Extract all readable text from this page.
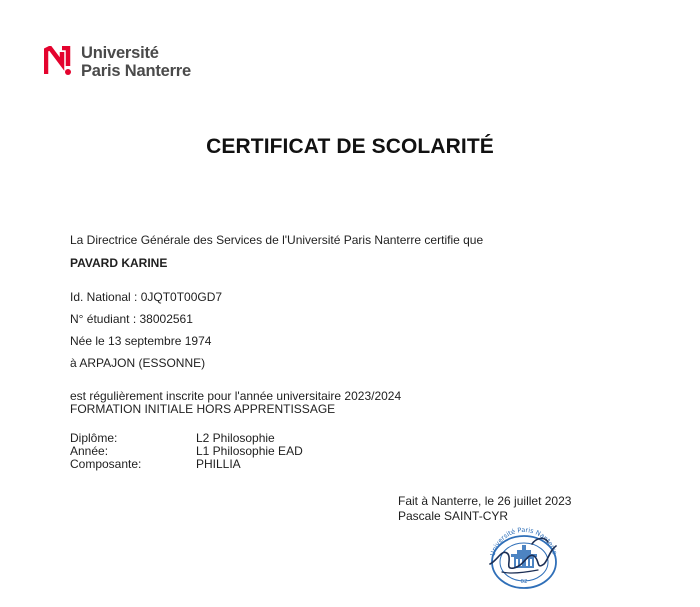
Université
Paris Nanterre
CERTIFICAT DE SCOLARITÉ
La Directrice Générale des Services de l'Université Paris Nanterre certifie que
PAVARD KARINE
Id. National : 0JQT0T00GD7
N° étudiant : 38002561
Née le 13 septembre 1974
à ARPAJON (ESSONNE)
est régulièrement inscrite pour l'année universitaire 2023/2024
FORMATION INITIALE HORS APPRENTISSAGE
Diplôme:	L2 Philosophie
Année:	L1 Philosophie EAD
Composante:	PHILLIA
Fait à Nanterre, le 26 juillet 2023
Pascale SAINT-CYR
Université Paris Nanterre
02
